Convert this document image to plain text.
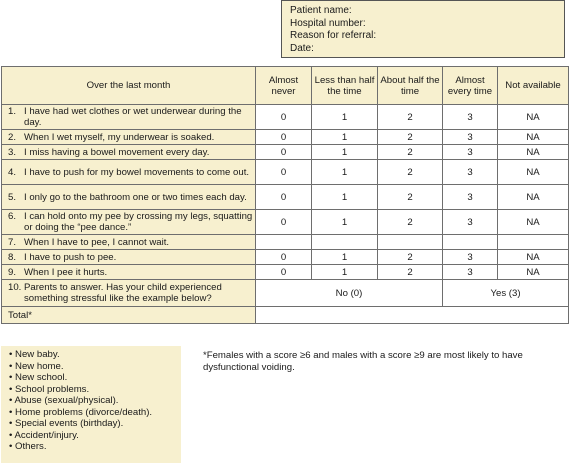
Patient name:
Hospital number:
Reason for referral:
Date:
Over the last month	Almost never	Less than half the time	About half the time	Almost every time	Not available

1. I have had wet clothes or wet underwear during the day.	0	1	2	3	NA

2. When I wet myself, my underwear is soaked.	0	1	2	3	NA

3. I miss having a bowel movement every day.	0	1	2	3	NA

4. I have to push for my bowel movements to come out.	0	1	2	3	NA

5. I only go to the bathroom one or two times each day.	0	1	2	3	NA

6. I can hold onto my pee by crossing my legs, squatting or doing the “pee dance.”	0	1	2	3	NA

7. When I have to pee, I cannot wait.					

8. I have to push to pee.	0	1	2	3	NA

9. When I pee it hurts.	0	1	2	3	NA

10. Parents to answer. Has your child experienced something stressful like the example below?	No (0)			Yes (3)	
Total*					
• New baby.
• New home.
• New school.
• School problems.
• Abuse (sexual/physical).
• Home problems (divorce/death).
• Special events (birthday).
• Accident/injury.
• Others.
*Females with a score ≥6 and males with a score ≥9 are most likely to have dysfunctional voiding.
